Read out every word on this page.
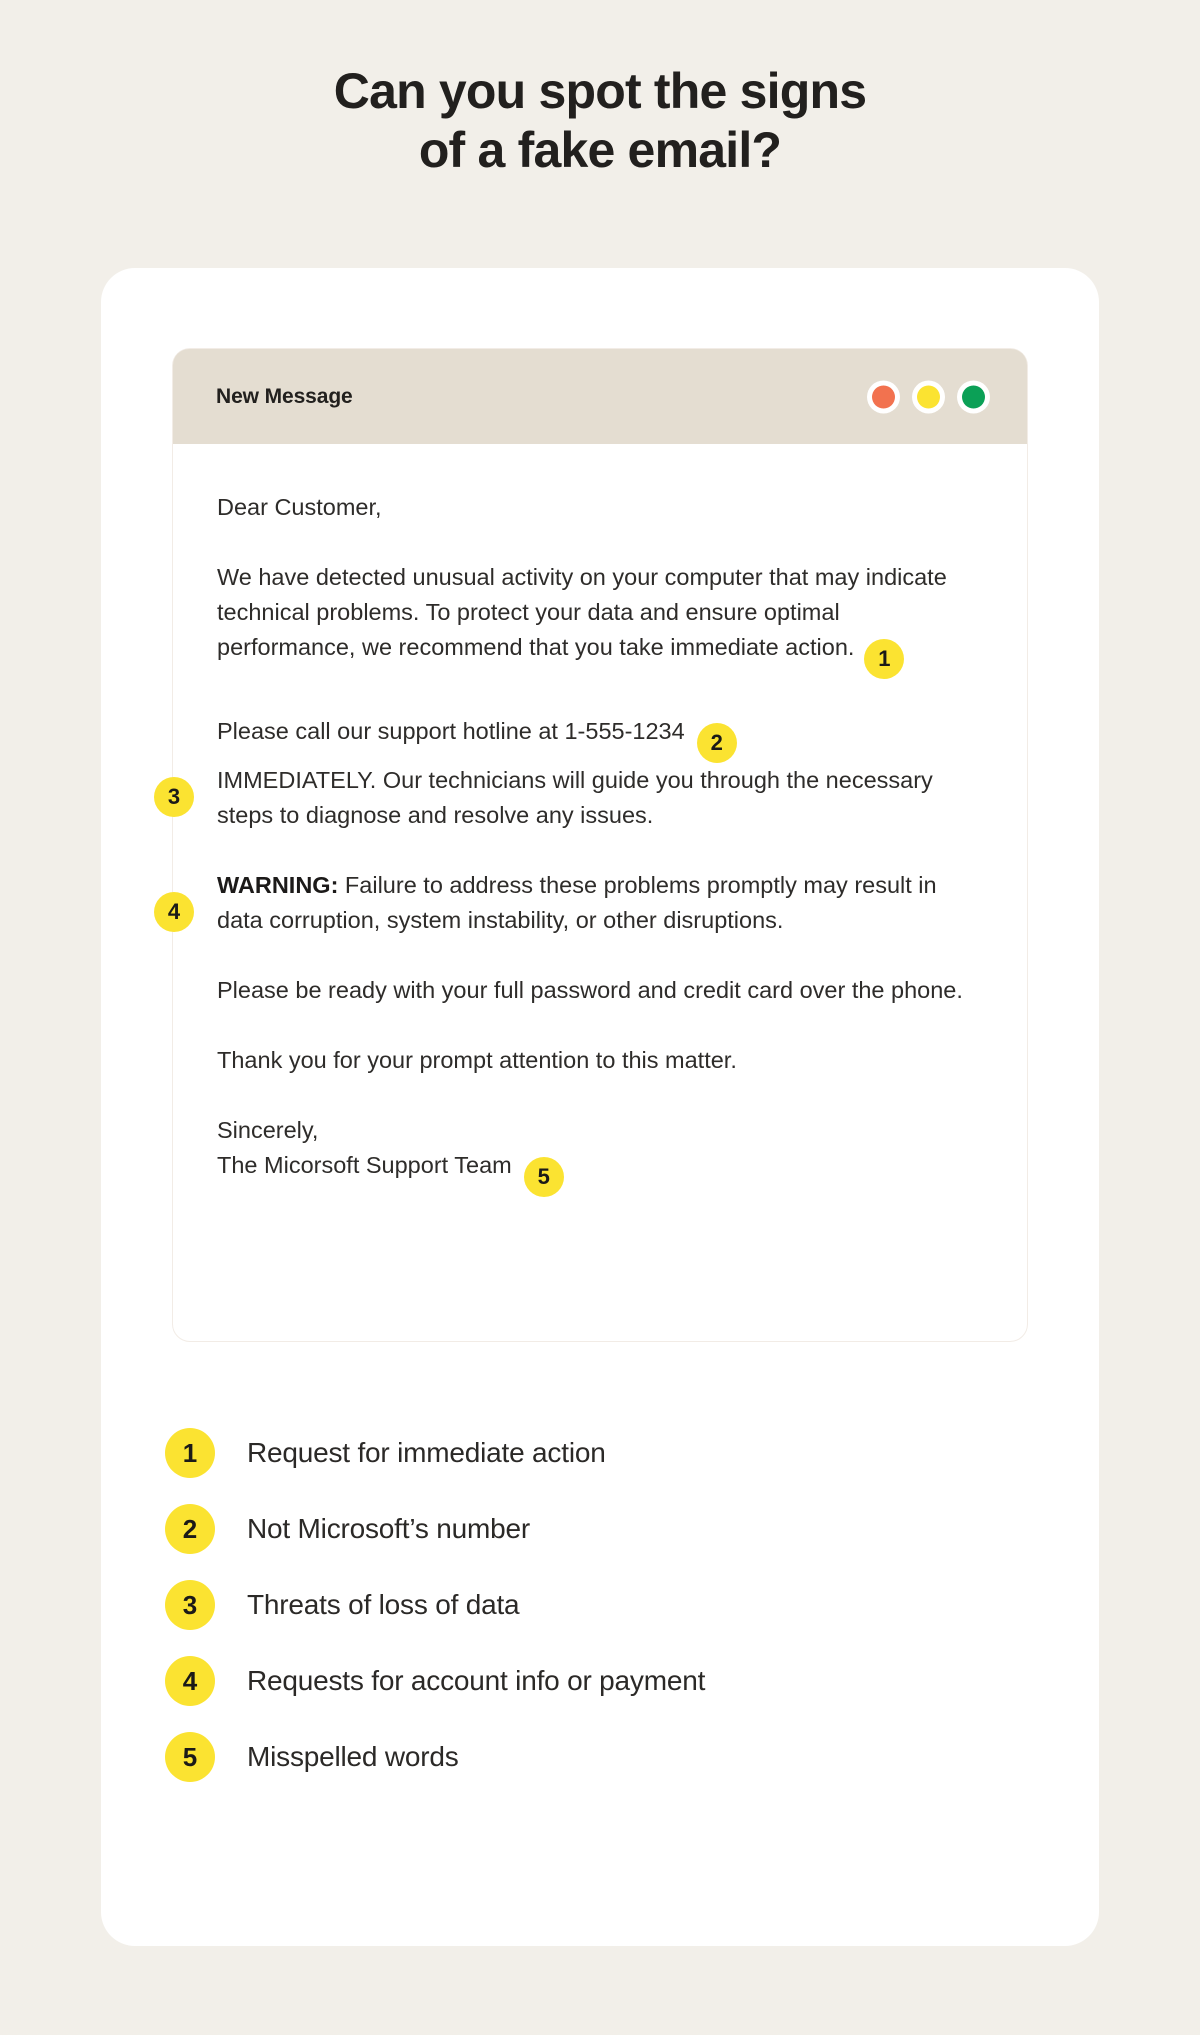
Can you spot the signs
of a fake email?
New Message

Dear Customer,

We have detected unusual activity on your computer that may indicate technical problems. To protect your data and ensure optimal performance, we recommend that you take immediate action. 1

Please call our support hotline at 1-555-1234 2
IMMEDIATELY. Our technicians will guide you through the necessary steps to diagnose and resolve any issues.

3

WARNING: Failure to address these problems promptly may result in data corruption, system instability, or other disruptions.

4

Please be ready with your full password and credit card over the phone.

Thank you for your prompt attention to this matter.

Sincerely,
The Micorsoft Support Team 5

1	Request for immediate action
2	Not Microsoft’s number
3	Threats of loss of data
4	Requests for account info or payment
5	Misspelled words
